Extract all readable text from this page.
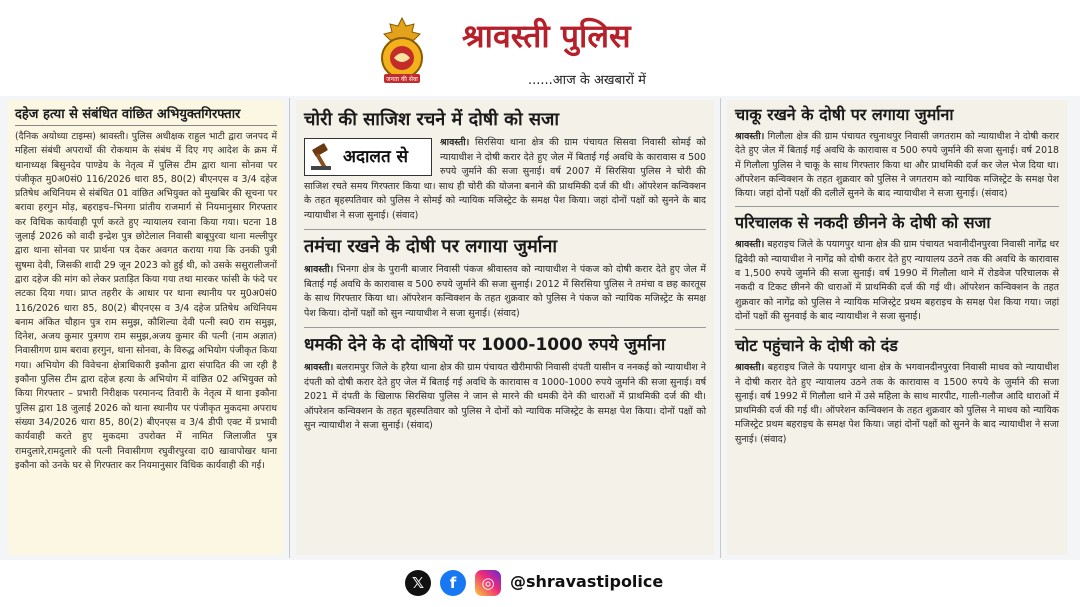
जनता की सेवा
श्रावस्ती पुलिस
......आज के अखबारों में
दहेज हत्या से संबंधित वांछित अभियुक्तगिरफ्तार

(दैनिक अयोध्या टाइम्स) श्रावस्ती। पुलिस अधीक्षक राहुल भाटी द्वारा जनपद में महिला संबंधी अपराधों की रोकथाम के संबंध में दिए गए आदेश के क्रम में थानाध्यक्ष बिसुनदेव पाण्डेय के नेतृत्व में पुलिस टीम द्वारा थाना सोनवा पर पंजीकृत मु0अ0सं0 116/2026 धारा 85, 80(2) बीएनएस व 3/4 दहेज प्रतिषेध अधिनियम से संबंधित 01 वांछित अभियुक्त को मुखबिर की सूचना पर बरावा हरगुन मोड़, बहराइच–भिनगा प्रांतीय राजमार्ग से नियमानुसार गिरफ्तार कर विधिक कार्यवाही पूर्ण करते हुए न्यायालय रवाना किया गया। घटना 18 जुलाई 2026 को वादी इन्द्रेश पुत्र छोटेलाल निवासी बाबूपुरवा थाना मल्लीपुर द्वारा थाना सोनवा पर प्रार्थना पत्र देकर अवगत कराया गया कि उनकी पुत्री सुषमा देवी, जिसकी शादी 29 जून 2023 को हुई थी, को उसके ससुरालीजनों द्वारा दहेज की मांग को लेकर प्रताड़ित किया गया तथा मारकर फांसी के फंदे पर लटका दिया गया। प्राप्त तहरीर के आधार पर थाना स्थानीय पर मु0अ0सं0 116/2026 धारा 85, 80(2) बीएनएस व 3/4 दहेज प्रतिषेध अधिनियम बनाम अंकित चौहान पुत्र राम समुझ, कौशिल्या देवी पत्नी स्व0 राम समुझ, दिनेश, अजय कुमार पुत्रगण राम समुझ,अजय कुमार की पत्नी (नाम अज्ञात) निवासीगण ग्राम बरावा हरगुन, थाना सोनवा, के विरुद्ध अभियोग पंजीकृत किया गया। अभियोग की विवेचना क्षेत्राधिकारी इकौना द्वारा संपादित की जा रही है इकौना पुलिस टीम द्वारा दहेज हत्या के अभियोग में वांछित 02 अभियुक्त को किया गिरफ्तार – प्रभारी निरीक्षक परमानन्द तिवारी के नेतृत्व में थाना इकौना पुलिस द्वारा 18 जुलाई 2026 को थाना स्थानीय पर पंजीकृत मुकदमा अपराध संख्या 34/2026 धारा 85, 80(2) बीएनएस व 3/4 डीपी एक्ट में प्रभावी कार्यवाही करते हुए मुकदमा उपरोक्त में नामित जिलाजीत पुत्र रामदुलारे,रामदुलारे की पत्नी निवासीगण रघुवीरपुरवा दा0 खावापोखर थाना इकौना को उनके घर से गिरफ्तार कर नियमानुसार विधिक कार्यवाही की गई।

चोरी की साजिश रचने में दोषी को सजा
अदालत से

श्रावस्ती। सिरसिया थाना क्षेत्र की ग्राम पंचायत सिसवा निवासी सोमई को न्यायाधीश ने दोषी करार देते हुए जेल में बिताई गई अवधि के कारावास व 500 रुपये जुर्माने की सजा सुनाई। वर्ष 2007 में सिरसिया पुलिस ने चोरी की साजिश रचते समय गिरफ्तार किया था। साथ ही चोरी की योजना बनाने की प्राथमिकी दर्ज की थी। ऑपरेशन कन्विक्शन के तहत बृहस्पतिवार को पुलिस ने सोमई को न्यायिक मजिस्ट्रेट के समक्ष पेश किया। जहां दोनों पक्षों को सुनने के बाद न्यायाधीश ने सजा सुनाई। (संवाद)

तमंचा रखने के दोषी पर लगाया जुर्माना

श्रावस्ती। भिनगा क्षेत्र के पुरानी बाजार निवासी पंकज श्रीवास्तव को न्यायाधीश ने पंकज को दोषी करार देते हुए जेल में बिताई गई अवधि के कारावास व 500 रुपये जुर्माने की सजा सुनाई। 2012 में सिरसिया पुलिस ने तमंचा व छह कारतूस के साथ गिरफ्तार किया था। ऑपरेशन कन्विक्शन के तहत शुक्रवार को पुलिस ने पंकज को न्यायिक मजिस्ट्रेट के समक्ष पेश किया। दोनों पक्षों को सुन न्यायाधीश ने सजा सुनाई। (संवाद)

धमकी देने के दो दोषियों पर 1000-1000 रुपये जुर्माना

श्रावस्ती। बलरामपुर जिले के हरैया थाना क्षेत्र की ग्राम पंचायत खैरीमाफी निवासी दंपती यासीन व ननकई को न्यायाधीश ने दंपती को दोषी करार देते हुए जेल में बिताई गई अवधि के कारावास व 1000-1000 रुपये जुर्माने की सजा सुनाई। वर्ष 2021 में दंपती के खिलाफ सिरसिया पुलिस ने जान से मारने की धमकी देने की धाराओं में प्राथमिकी दर्ज की थी। ऑपरेशन कन्विक्शन के तहत बृहस्पतिवार को पुलिस ने दोनों को न्यायिक मजिस्ट्रेट के समक्ष पेश किया। दोनों पक्षों को सुन न्यायाधीश ने सजा सुनाई। (संवाद)

चाकू रखने के दोषी पर लगाया जुर्माना

श्रावस्ती। गिलौला क्षेत्र की ग्राम पंचायत रघुनाथपुर निवासी जगतराम को न्यायाधीश ने दोषी करार देते हुए जेल में बिताई गई अवधि के कारावास व 500 रुपये जुर्माने की सजा सुनाई। वर्ष 2018 में गिलौला पुलिस ने चाकू के साथ गिरफ्तार किया था और प्राथमिकी दर्ज कर जेल भेज दिया था। ऑपरेशन कन्विक्शन के तहत शुक्रवार को पुलिस ने जगतराम को न्यायिक मजिस्ट्रेट के समक्ष पेश किया। जहां दोनों पक्षों की दलीलें सुनने के बाद न्यायाधीश ने सजा सुनाई। (संवाद)

परिचालक से नकदी छीनने के दोषी को सजा

श्रावस्ती। बहराइच जिले के पयागपुर थाना क्षेत्र की ग्राम पंचायत भवानीदीनपुरवा निवासी नागेंद्र धर द्विवेदी को न्यायाधीश ने नागेंद्र को दोषी करार देते हुए न्यायालय उठने तक की अवधि के कारावास व 1,500 रुपये जुर्माने की सजा सुनाई। वर्ष 1990 में गिलौला थाने में रोडवेज परिचालक से नकदी व टिकट छीनने की धाराओं में प्राथमिकी दर्ज की गई थी। ऑपरेशन कन्विक्शन के तहत शुक्रवार को नागेंद्र को पुलिस ने न्यायिक मजिस्ट्रेट प्रथम बहराइच के समक्ष पेश किया गया। जहां दोनों पक्षों की सुनवाई के बाद न्यायाधीश ने सजा सुनाई।

चोट पहुंचाने के दोषी को दंड

श्रावस्ती। बहराइच जिले के पयागपुर थाना क्षेत्र के भगवानदीनपुरवा निवासी माधव को न्यायाधीश ने दोषी करार देते हुए न्यायालय उठने तक के कारावास व 1500 रुपये के जुर्माने की सजा सुनाई। वर्ष 1992 में गिलौला थाने में उसे महिला के साथ मारपीट, गाली-गलौज आदि धाराओं में प्राथमिकी दर्ज की गई थी। ऑपरेशन कन्विक्शन के तहत शुक्रवार को पुलिस ने माधव को न्यायिक मजिस्ट्रेट प्रथम बहराइच के समक्ष पेश किया। जहां दोनों पक्षों को सुनने के बाद न्यायाधीश ने सजा सुनाई। (संवाद)

𝕏	f	◎ @shravastipolice
